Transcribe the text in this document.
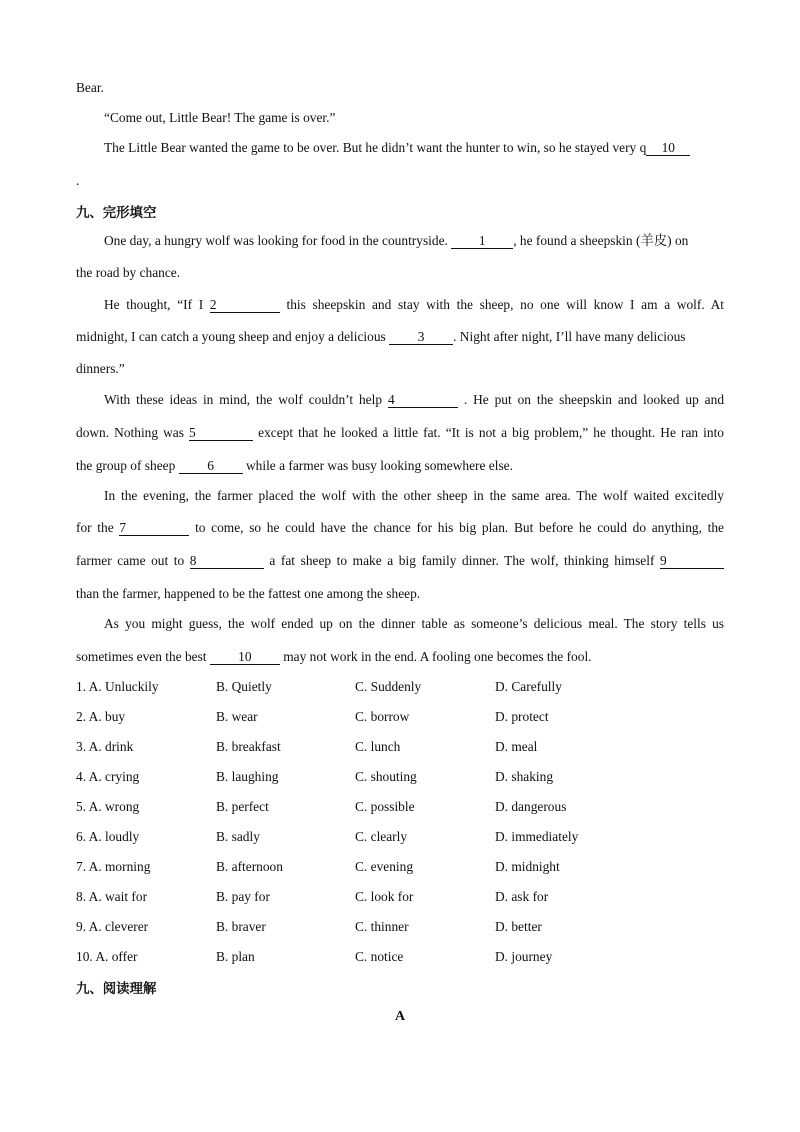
Bear.
“Come out, Little Bear! The game is over.”
The Little Bear wanted the game to be over. But he didn’t want the hunter to win, so he stayed very q 10
.
九、完形填空
One day, a hungry wolf was looking for food in the countryside. 1 , he found a sheepskin (羊皮) on
the road by chance.
He thought, “If I 2	this sheepskin and stay with the sheep, no one will know I am a wolf. At
midnight, I can catch a young sheep and enjoy a delicious 3 . Night after night, I’ll have many delicious
dinners.”
With these ideas in mind, the wolf couldn’t help 4	. He put on the sheepskin and looked up and
down. Nothing was 5	except that he looked a little fat. “It is not a big problem,” he thought. He ran into
the group of sheep 6 while a farmer was busy looking somewhere else.
In the evening, the farmer placed the wolf with the other sheep in the same area. The wolf waited excitedly
for the 7	to come, so he could have the chance for his big plan. But before he could do anything, the
farmer came out to 8	a fat sheep to make a big family dinner. The wolf, thinking himself 9
than the farmer, happened to be the fattest one among the sheep.
As you might guess, the wolf ended up on the dinner table as someone’s delicious meal. The story tells us
sometimes even the best 10 may not work in the end. A fooling one becomes the fool.
1. A. Unluckily	B. Quietly	C. Suddenly	D. Carefully
2. A. buy	B. wear	C. borrow	D. protect
3. A. drink	B. breakfast	C. lunch	D. meal
4. A. crying	B. laughing	C. shouting	D. shaking
5. A. wrong	B. perfect	C. possible	D. dangerous
6. A. loudly	B. sadly	C. clearly	D. immediately
7. A. morning	B. afternoon	C. evening	D. midnight
8. A. wait for	B. pay for	C. look for	D. ask for
9. A. cleverer	B. braver	C. thinner	D. better
10. A. offer	B. plan	C. notice	D. journey
九、阅读理解
A
